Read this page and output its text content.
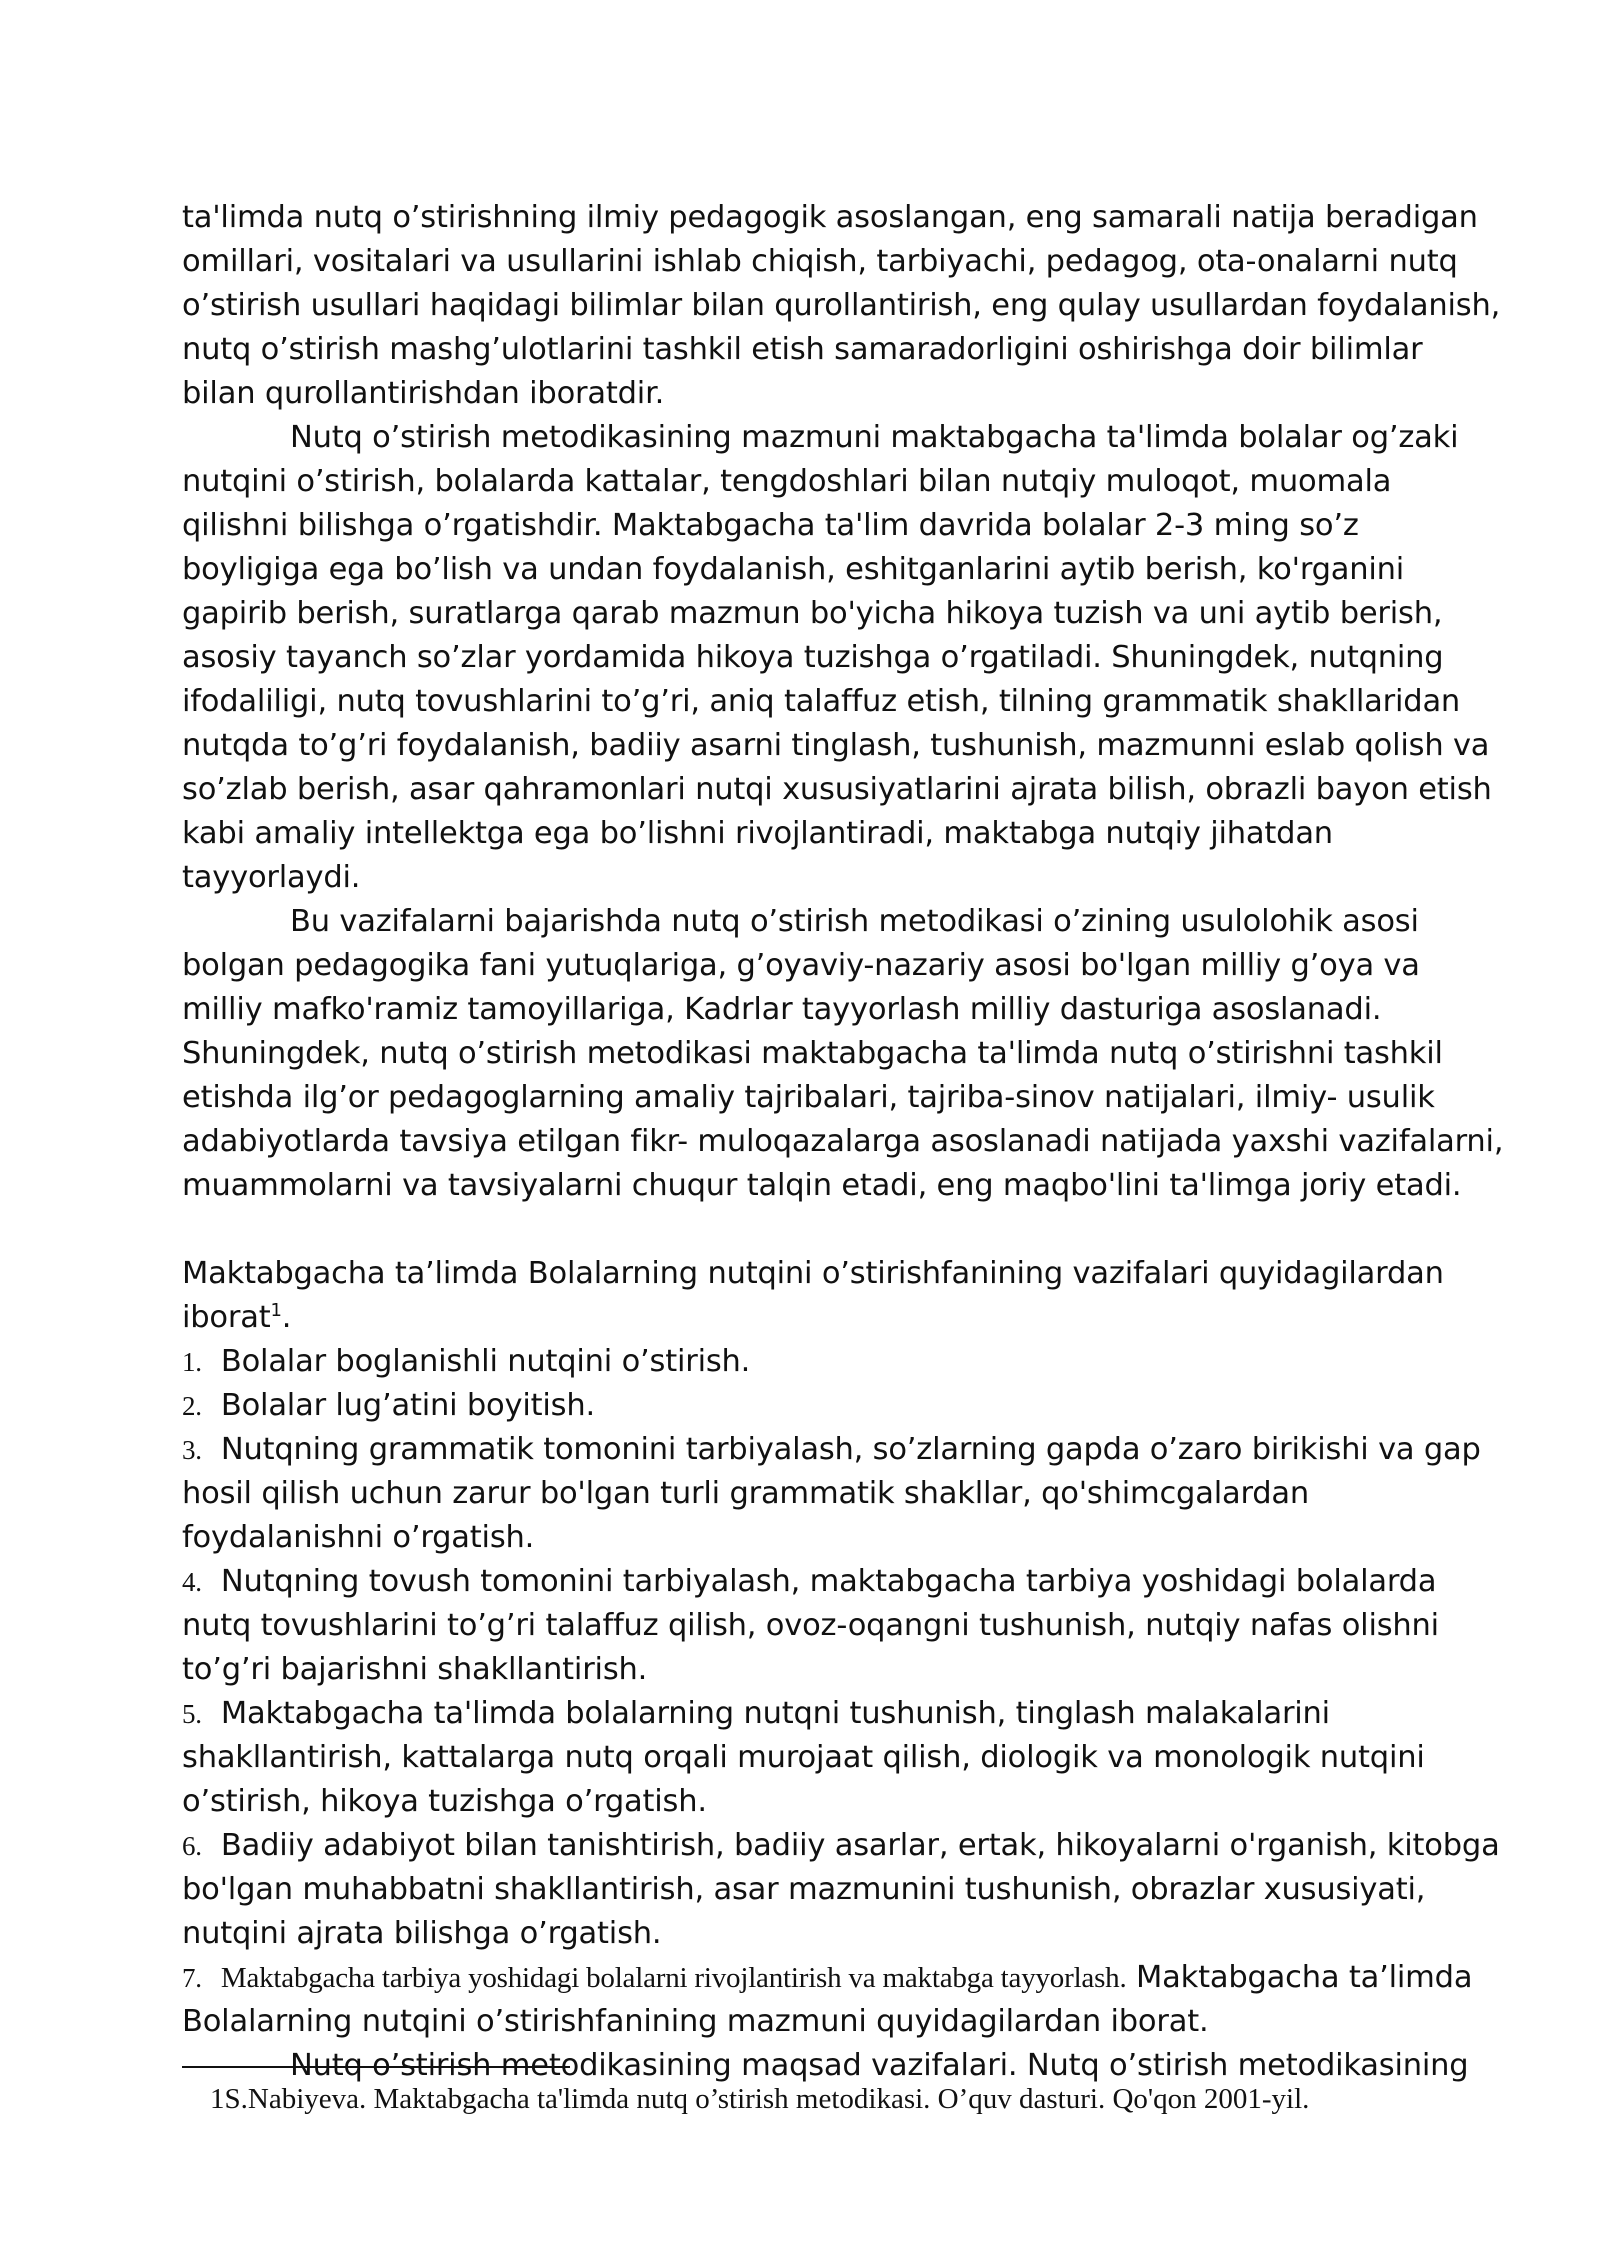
ta'limda nutq o’stirishning ilmiy pedagogik asoslangan, eng samarali natija beradigan omillari, vositalari va usullarini ishlab chiqish, tarbiyachi, pedagog, ota-onalarni nutq o’stirish usullari haqidagi bilimlar bilan qurollantirish, eng qulay usullardan foydalanish, nutq o’stirish mashg’ulotlarini tashkil etish samaradorligini oshirishga doir bilimlar bilan qurollantirishdan iboratdir.

Nutq o’stirish metodikasining mazmuni maktabgacha ta'limda bolalar og’zaki nutqini o’stirish, bolalarda kattalar, tengdoshlari bilan nutqiy muloqot, muomala qilishni bilishga o’rgatishdir. Maktabgacha ta'lim davrida bolalar 2-3 ming so’z boyligiga ega bo’lish va undan foydalanish, eshitganlarini aytib berish, ko'rganini gapirib berish, suratlarga qarab mazmun bo'yicha hikoya tuzish va uni aytib berish, asosiy tayanch so’zlar yordamida hikoya tuzishga o’rgatiladi. Shuningdek, nutqning ifodaliligi, nutq tovushlarini to’g’ri, aniq talaffuz etish, tilning grammatik shakllaridan nutqda to’g’ri foydalanish, badiiy asarni tinglash, tushunish, mazmunni eslab qolish va so’zlab berish, asar qahramonlari nutqi xususiyatlarini ajrata bilish, obrazli bayon etish kabi amaliy intellektga ega bo’lishni rivojlantiradi, maktabga nutqiy jihatdan tayyorlaydi.

Bu vazifalarni bajarishda nutq o’stirish metodikasi o’zining usulolohik asosi bolgan pedagogika fani yutuqlariga, g’oyaviy-nazariy asosi bo'lgan milliy g’oya va milliy mafko'ramiz tamoyillariga, Kadrlar tayyorlash milliy dasturiga asoslanadi. Shuningdek, nutq o’stirish metodikasi maktabgacha ta'limda nutq o’stirishni tashkil etishda ilg’or pedagoglarning amaliy tajribalari, tajriba-sinov natijalari, ilmiy- usulik adabiyotlarda tavsiya etilgan fikr- muloqazalarga asoslanadi natijada yaxshi vazifalarni, muammolarni va tavsiyalarni chuqur talqin etadi, eng maqbo'lini ta'limga joriy etadi.

Maktabgacha ta’limda Bolalarning nutqini o’stirishfanining vazifalari quyidagilardan iborat$^1$.

1. Bolalar boglanishli nutqini o’stirish.

2. Bolalar lug’atini boyitish.

3. Nutqning grammatik tomonini tarbiyalash, so’zlarning gapda o’zaro birikishi va gap hosil qilish uchun zarur bo'lgan turli grammatik shakllar, qo'shimcgalardan foydalanishni o’rgatish.

4. Nutqning tovush tomonini tarbiyalash, maktabgacha tarbiya yoshidagi bolalarda nutq tovushlarini to’g’ri talaffuz qilish, ovoz-oqangni tushunish, nutqiy nafas olishni to’g’ri bajarishni shakllantirish.

5. Maktabgacha ta'limda bolalarning nutqni tushunish, tinglash malakalarini shakllantirish, kattalarga nutq orqali murojaat qilish, diologik va monologik nutqini o’stirish, hikoya tuzishga o’rgatish.

6. Badiiy adabiyot bilan tanishtirish, badiiy asarlar, ertak, hikoyalarni o'rganish, kitobga bo'lgan muhabbatni shakllantirish, asar mazmunini tushunish, obrazlar xususiyati, nutqini ajrata bilishga o’rgatish.

7. Maktabgacha tarbiya yoshidagi bolalarni rivojlantirish va maktabga tayyorlash. Maktabgacha ta’limda Bolalarning nutqini o’stirishfanining mazmuni quyidagilardan iborat.

Nutq o’stirish metodikasining maqsad vazifalari. Nutq o’stirish metodikasining

1S.Nabiyeva. Maktabgacha ta'limda nutq o’stirish metodikasi. O’quv dasturi. Qo'qon 2001-yil.
